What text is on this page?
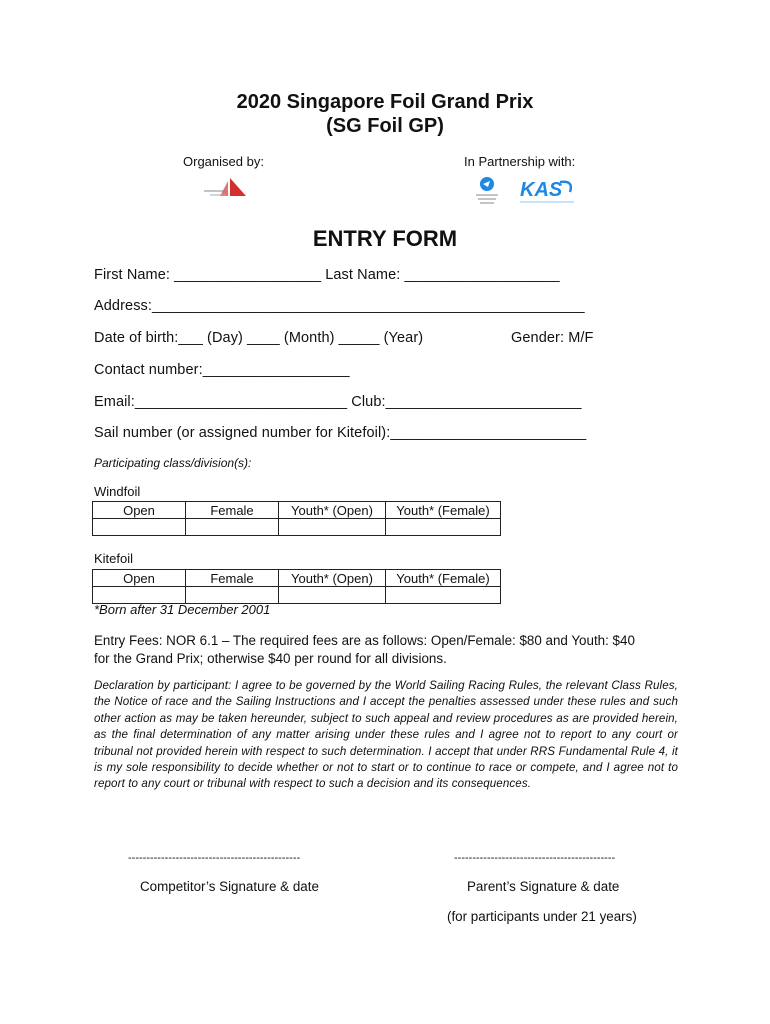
2020 Singapore Foil Grand Prix
(SG Foil GP)
Organised by:	In Partnership with:
KAS
ENTRY FORM
First Name: __________________ Last Name: ___________________
Address:_____________________________________________________
Date of birth:___ (Day) ____ (Month) _____ (Year)	Gender: M/F
Contact number:__________________
Email:__________________________ Club:________________________
Sail number (or assigned number for Kitefoil):________________________
Participating class/division(s):
Windfoil
Open	Female	Youth* (Open)	Youth* (Female)

Kitefoil
Open	Female	Youth* (Open)	Youth* (Female)

*Born after 31 December 2001
Entry Fees: NOR 6.1 – The required fees are as follows: Open/Female: $80 and Youth: $40
for the Grand Prix; otherwise $40 per round for all divisions.
Declaration by participant: I agree to be governed by the World Sailing Racing Rules, the relevant Class Rules, the Notice of race and the Sailing Instructions and I accept the penalties assessed under these rules and such other action as may be taken hereunder, subject to such appeal and review procedures as are provided herein, as the final determination of any matter arising under these rules and I agree not to report to any court or tribunal not provided herein with respect to such determination. I accept that under RRS Fundamental Rule 4, it is my sole responsibility to decide whether or not to start or to continue to race or compete, and I agree not to report to any court or tribunal with respect to such a decision and its consequences.
-----------------------------------------------	--------------------------------------------
Competitor’s Signature & date	Parent’s Signature & date
(for participants under 21 years)
